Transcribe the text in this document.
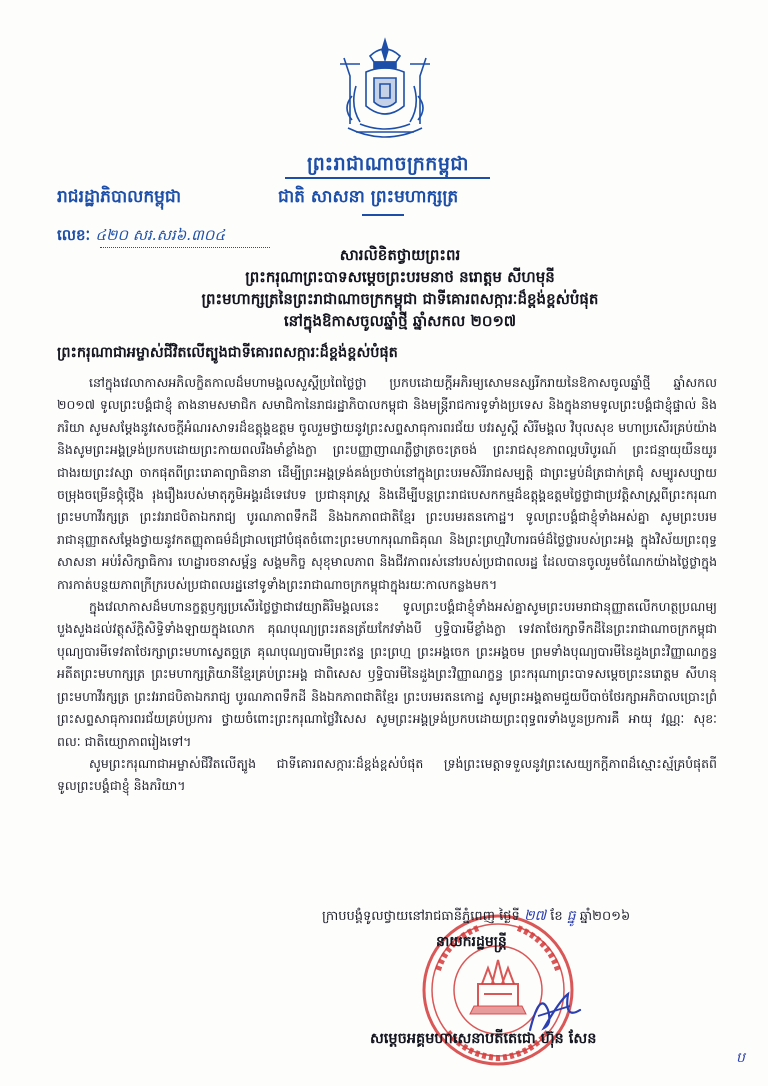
ព្រះរាជាណាចក្រកម្ពុជា
រាជរដ្ឋាភិបាលកម្ពុជា	ជាតិ សាសនា ព្រះមហាក្សត្រ
លេខៈ ៤២០ សរ.សរ៦.៣០៤
សារលិខិតថ្វាយព្រះពរ
ព្រះករុណាព្រះបាទសម្តេចព្រះបរមនាថ នរោត្តម សីហមុនី
ព្រះមហាក្សត្រនៃព្រះរាជាណាចក្រកម្ពុជា ជាទីគោរពសក្ការៈដ៏ខ្ពង់ខ្ពស់បំផុត
នៅក្នុងឱកាសចូលឆ្នាំថ្មី ឆ្នាំសកល ២០១៧
ព្រះករុណាជាអម្ចាស់ជីវិតលើត្បូងជាទីគោរពសក្ការៈដ៏ខ្ពង់ខ្ពស់បំផុត

នៅក្នុងវេលាកាសអភិលក្ខិតកាលដ៏មហាមង្គលសួស្តីប្រពៃថ្លៃថ្លា ប្រកបដោយក្តីអភិរម្យសោមនស្សរីករាយនៃឱកាសចូលឆ្នាំថ្មី ឆ្នាំសកល ២០១៧ ទូលព្រះបង្គំជាខ្ញុំ តាងនាមសមាជិក សមាជិកានៃរាជរដ្ឋាភិបាលកម្ពុជា និងមន្ត្រីរាជការទូទាំងប្រទេស និងក្នុងនាមទូលព្រះបង្គំជាខ្ញុំផ្ទាល់ និងភរិយា សូមសម្តែងនូវសេចក្តីអំណរសាទរដ៏ឧត្តុង្គឧត្តម ចូលរួមថ្វាយនូវព្រះសព្ទសាធុការពរជ័យ បវរសួស្តី សិរីមង្គល វិបុលសុខ មហាប្រសើរគ្រប់យ៉ាង និងសូមព្រះអង្គទ្រង់ប្រកបដោយព្រះកាយពលរឹងមាំខ្លាំងក្លា ព្រះបញ្ញាញាណភ្លឺថ្លាត្រចះត្រចង់ ព្រះរាជសុខភាពល្អបរិបូរណ៍ ព្រះជន្មាយុយឺនយូរជាងរយព្រះវស្សា ចាកផុតពីព្រះរោគាព្យាធិនានា ដើម្បីព្រះអង្គទ្រង់គង់ប្រថាប់នៅក្នុងព្រះបរមសិរីរាជសម្បត្តិ ជាព្រះម្លប់ដ៏ត្រជាក់ត្រជុំ សម្បូរសប្បាយ ចម្រុងចម្រើនថ្កុំថ្កើង រុងរឿងរបស់មាតុភូមិអង្គរដ៏ទេវេបទ ប្រជានុរាស្ត្រ និងដើម្បីបន្តព្រះរាជបេសកកម្មដ៏ឧត្តុង្គឧត្តមថ្លៃថ្លាជាប្រវត្តិសាស្ត្រពីព្រះករុណា ព្រះមហាវីរក្សត្រ ព្រះវររាជបិតាឯករាជ្យ បូរណភាពទឹកដី និងឯកភាពជាតិខ្មែរ ព្រះបរមរតនកោដ្ឋ។ ទូលព្រះបង្គំជាខ្ញុំទាំងអស់គ្នា សូមព្រះបរមរាជានុញ្ញាតសម្តែងថ្វាយនូវកតញ្ញុតាធម៌ដ៏ជ្រាលជ្រៅបំផុតចំពោះព្រះមហាករុណាធិគុណ និងព្រះព្រហ្មវិហារធម៌ដ៏ថ្លៃថ្លារបស់ព្រះអង្គ ក្នុងវិស័យព្រះពុទ្ធសាសនា អប់រំសិក្សាធិការ ហេដ្ឋារចនាសម្ព័ន្ធ សង្គមកិច្ច សុខុមាលភាព និងជីវភាពរស់នៅរបស់ប្រជាពលរដ្ឋ ដែលបានចូលរួមចំណែកយ៉ាងថ្លៃថ្លាក្នុងការកាត់បន្ថយភាពក្រីក្ររបស់ប្រជាពលរដ្ឋនៅទូទាំងព្រះរាជាណាចក្រកម្ពុជាក្នុងរយៈកាលកន្លងមក។

ក្នុងវេលាកាសដ៏មហានក្ខត្តឫក្សប្រសើរថ្លៃថ្លាជាវេយ្យាគិរិមង្គលនេះ ទូលព្រះបង្គំជាខ្ញុំទាំងអស់គ្នាសូមព្រះបរមរាជានុញ្ញាតលើកហត្ថប្រណម្យបួងសួងដល់វត្ថុស័ក្តិសិទ្ធិទាំងឡាយក្នុងលោក គុណបុណ្យព្រះរតនត្រ័យកែវទាំងបី ឫទ្ធិបារមីខ្លាំងក្លា ទេវតាថែរក្សាទឹកដីនៃព្រះរាជាណាចក្រកម្ពុជា បុណ្យបារមីទេវតាថែរក្សាព្រះមហាស្វេតច្ឆត្រ គុណបុណ្យបារមីព្រះឥន្ទ ព្រះព្រហ្ម ព្រះអង្គចេក ព្រះអង្គចម ព្រមទាំងបុណ្យបារមីនៃដួងព្រះវិញ្ញាណក្ខន្ធអតីតព្រះមហាក្សត្រ ព្រះមហាក្សត្រិយានីខ្មែរគ្រប់ព្រះអង្គ ជាពិសេស ឫទ្ធិបារមីនៃដួងព្រះវិញ្ញាណក្ខន្ធ ព្រះករុណាព្រះបាទសម្តេចព្រះនរោត្តម សីហនុ ព្រះមហាវីរក្សត្រ ព្រះវររាជបិតាឯករាជ្យ បូរណភាពទឹកដី និងឯកភាពជាតិខ្មែរ ព្រះបរមរតនកោដ្ឋ សូមព្រះអង្គតាមជួយបីបាច់ថែរក្សាអភិបាលប្រោះព្រំព្រះសព្ទសាធុការពរជ័យគ្រប់ប្រការ ថ្វាយចំពោះព្រះករុណាថ្លៃវិសេស សូមព្រះអង្គទ្រង់ប្រកបដោយព្រះពុទ្ធពរទាំងបួនប្រការគឺ អាយុ វណ្ណៈ សុខៈ ពលៈ ជាតិយ្យោភាពរៀងទៅ។

សូមព្រះករុណាជាអម្ចាស់ជីវិតលើត្បូង ជាទីគោរពសក្ការៈដ៏ខ្ពង់ខ្ពស់បំផុត ទ្រង់ព្រះមេត្តាទទួលនូវព្រះសេយ្យកក្តីភាពដ៏ស្មោះស្ម័គ្របំផុតពីទូលព្រះបង្គំជាខ្ញុំ និងភរិយា។

ក្រាបបង្គំទូលថ្វាយនៅរាជធានីភ្នំពេញ ថ្ងៃទី ២៧ ខែ ធ្នូ ឆ្នាំ២០១៦
នាយករដ្ឋមន្ត្រី
សម្តេចអគ្គមហាសេនាបតីតេជោ ហ៊ុន សែន
ប
